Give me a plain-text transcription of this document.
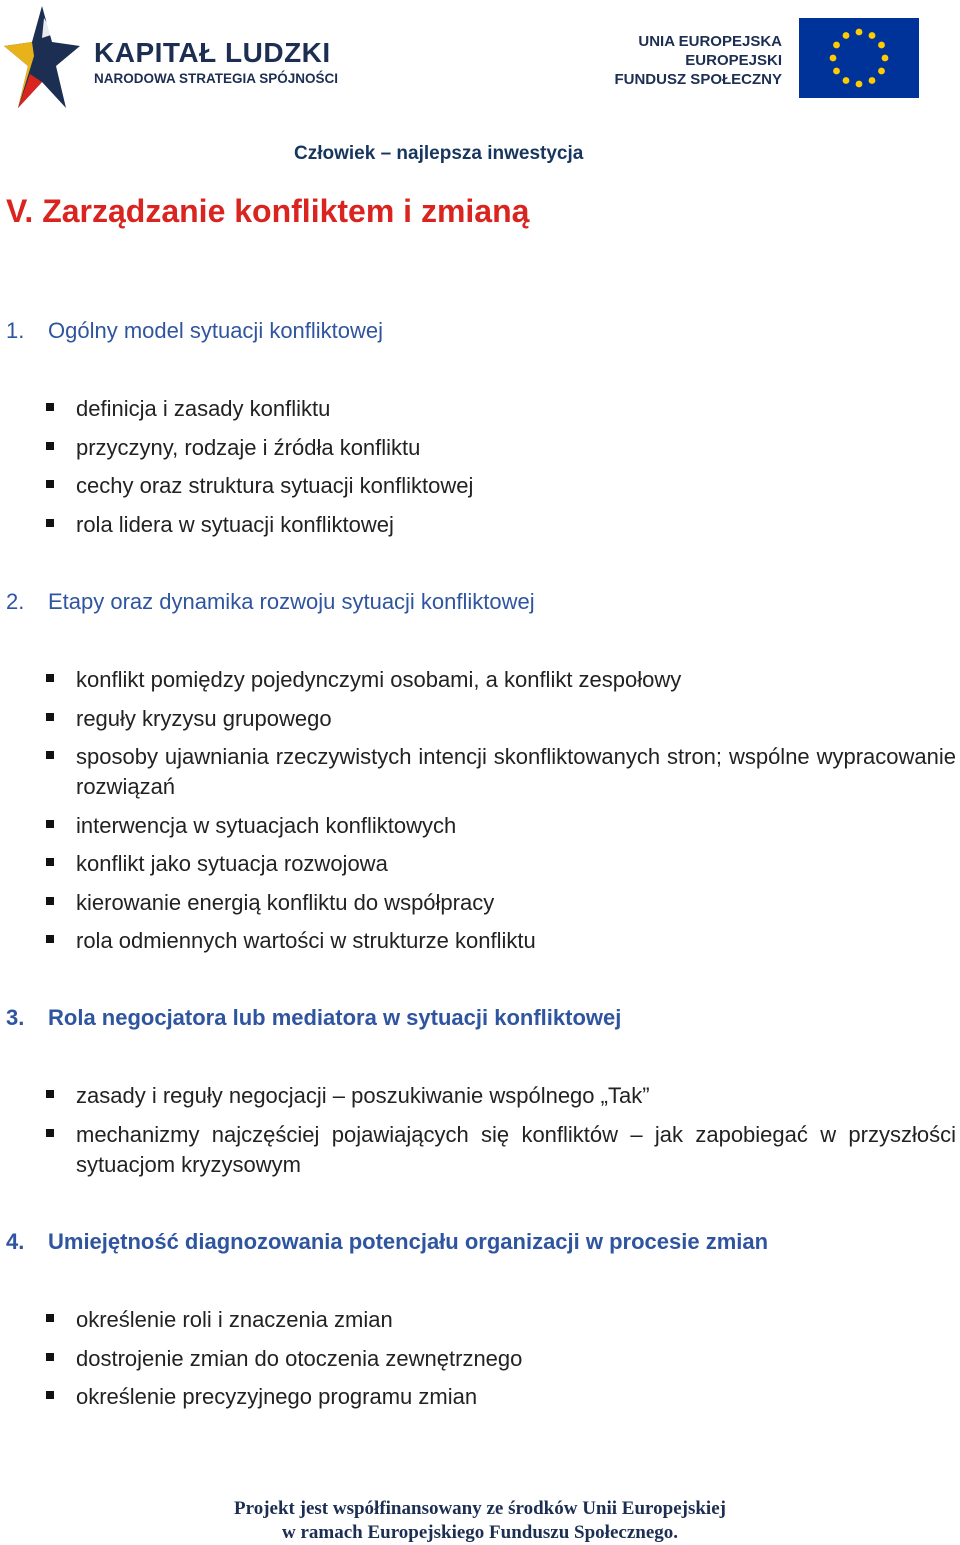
KAPITAŁ LUDZKI
NARODOWA STRATEGIA SPÓJNOŚCI
UNIA EUROPEJSKA
EUROPEJSKI
FUNDUSZ SPOŁECZNY
Człowiek – najlepsza inwestycja
V. Zarządzanie konfliktem i zmianą
1. Ogólny model sytuacji konfliktowej
definicja i zasady konfliktu
przyczyny, rodzaje i źródła konfliktu
cechy oraz struktura sytuacji konfliktowej
rola lidera w sytuacji konfliktowej
2. Etapy oraz dynamika rozwoju sytuacji konfliktowej
konflikt pomiędzy pojedynczymi osobami, a konflikt zespołowy
reguły kryzysu grupowego
sposoby ujawniania rzeczywistych intencji skonfliktowanych stron; wspólne wypracowanie rozwiązań
interwencja w sytuacjach konfliktowych
konflikt jako sytuacja rozwojowa
kierowanie energią konfliktu do współpracy
rola odmiennych wartości w strukturze konfliktu
3. Rola negocjatora lub mediatora w sytuacji konfliktowej
zasady i reguły negocjacji – poszukiwanie wspólnego „Tak”
mechanizmy najczęściej pojawiających się konfliktów – jak zapobiegać w przyszłości sytuacjom kryzysowym
4. Umiejętność diagnozowania potencjału organizacji w procesie zmian
określenie roli i znaczenia zmian
dostrojenie zmian do otoczenia zewnętrznego
określenie precyzyjnego programu zmian
Projekt jest współfinansowany ze środków Unii Europejskiej
w ramach Europejskiego Funduszu Społecznego.
